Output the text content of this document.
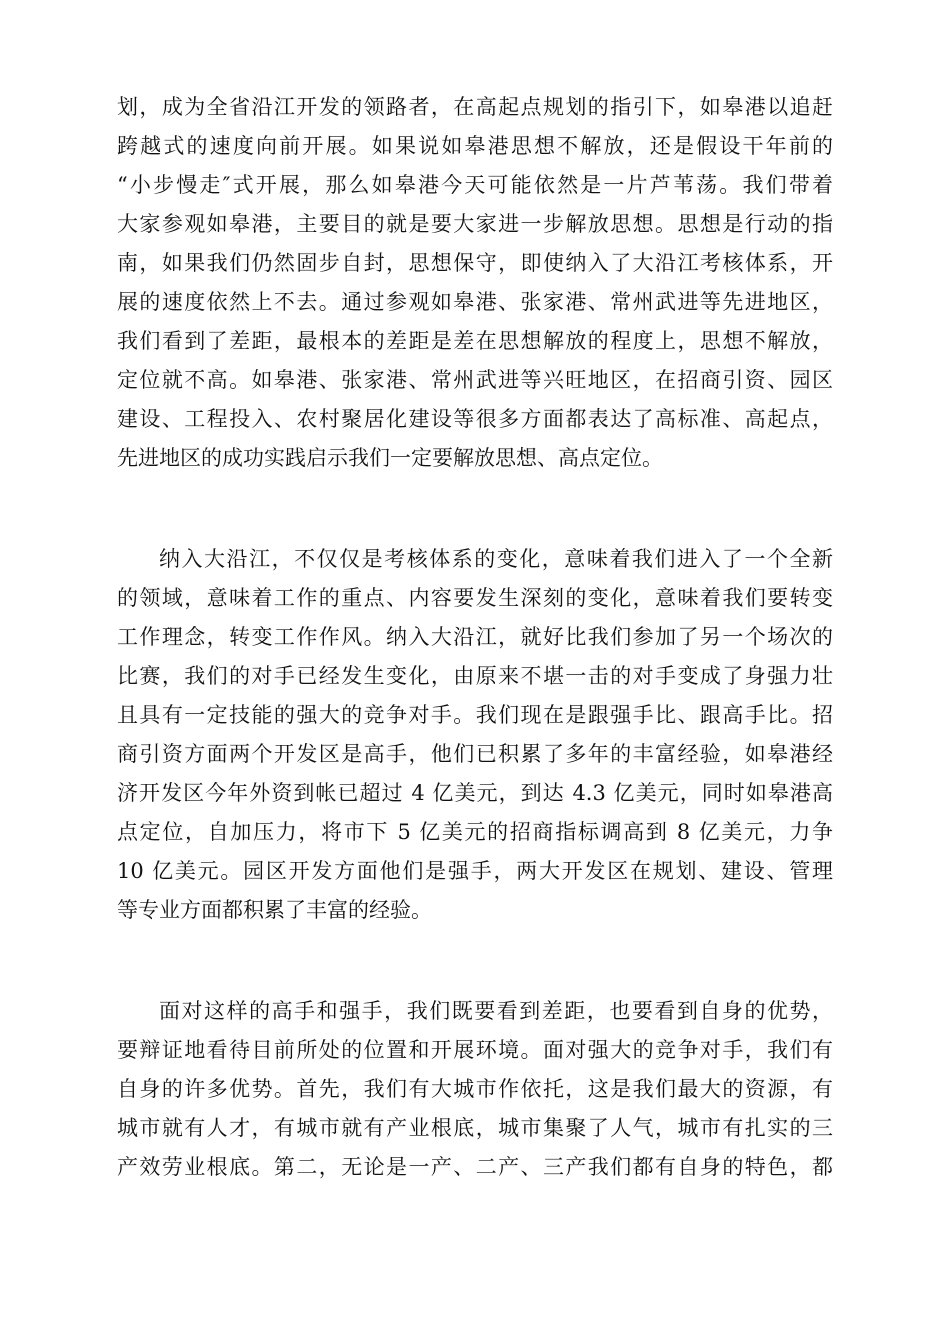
划，成为全省沿江开发的领路者，在高起点规划的指引下，如皋港以追赶
跨越式的速度向前开展。如果说如皋港思想不解放，还是假设干年前的
“小步慢走″式开展，那么如皋港今天可能依然是一片芦苇荡。我们带着
大家参观如皋港，主要目的就是要大家进一步解放思想。思想是行动的指
南，如果我们仍然固步自封，思想保守，即使纳入了大沿江考核体系，开
展的速度依然上不去。通过参观如皋港、张家港、常州武进等先进地区，
我们看到了差距，最根本的差距是差在思想解放的程度上，思想不解放，
定位就不高。如皋港、张家港、常州武进等兴旺地区，在招商引资、园区
建设、工程投入、农村聚居化建设等很多方面都表达了高标准、高起点，
先进地区的成功实践启示我们一定要解放思想、高点定位。
纳入大沿江，不仅仅是考核体系的变化，意味着我们进入了一个全新
的领域，意味着工作的重点、内容要发生深刻的变化，意味着我们要转变
工作理念，转变工作作风。纳入大沿江，就好比我们参加了另一个场次的
比赛，我们的对手已经发生变化，由原来不堪一击的对手变成了身强力壮
且具有一定技能的强大的竞争对手。我们现在是跟强手比、跟高手比。招
商引资方面两个开发区是高手，他们已积累了多年的丰富经验，如皋港经
济开发区今年外资到帐已超过 4 亿美元，到达 4.3 亿美元，同时如皋港高
点定位，自加压力，将市下 5 亿美元的招商指标调高到 8 亿美元，力争
10 亿美元。园区开发方面他们是强手，两大开发区在规划、建设、管理
等专业方面都积累了丰富的经验。
面对这样的高手和强手，我们既要看到差距，也要看到自身的优势，
要辩证地看待目前所处的位置和开展环境。面对强大的竞争对手，我们有
自身的许多优势。首先，我们有大城市作依托，这是我们最大的资源，有
城市就有人才，有城市就有产业根底，城市集聚了人气，城市有扎实的三
产效劳业根底。第二，无论是一产、二产、三产我们都有自身的特色，都
